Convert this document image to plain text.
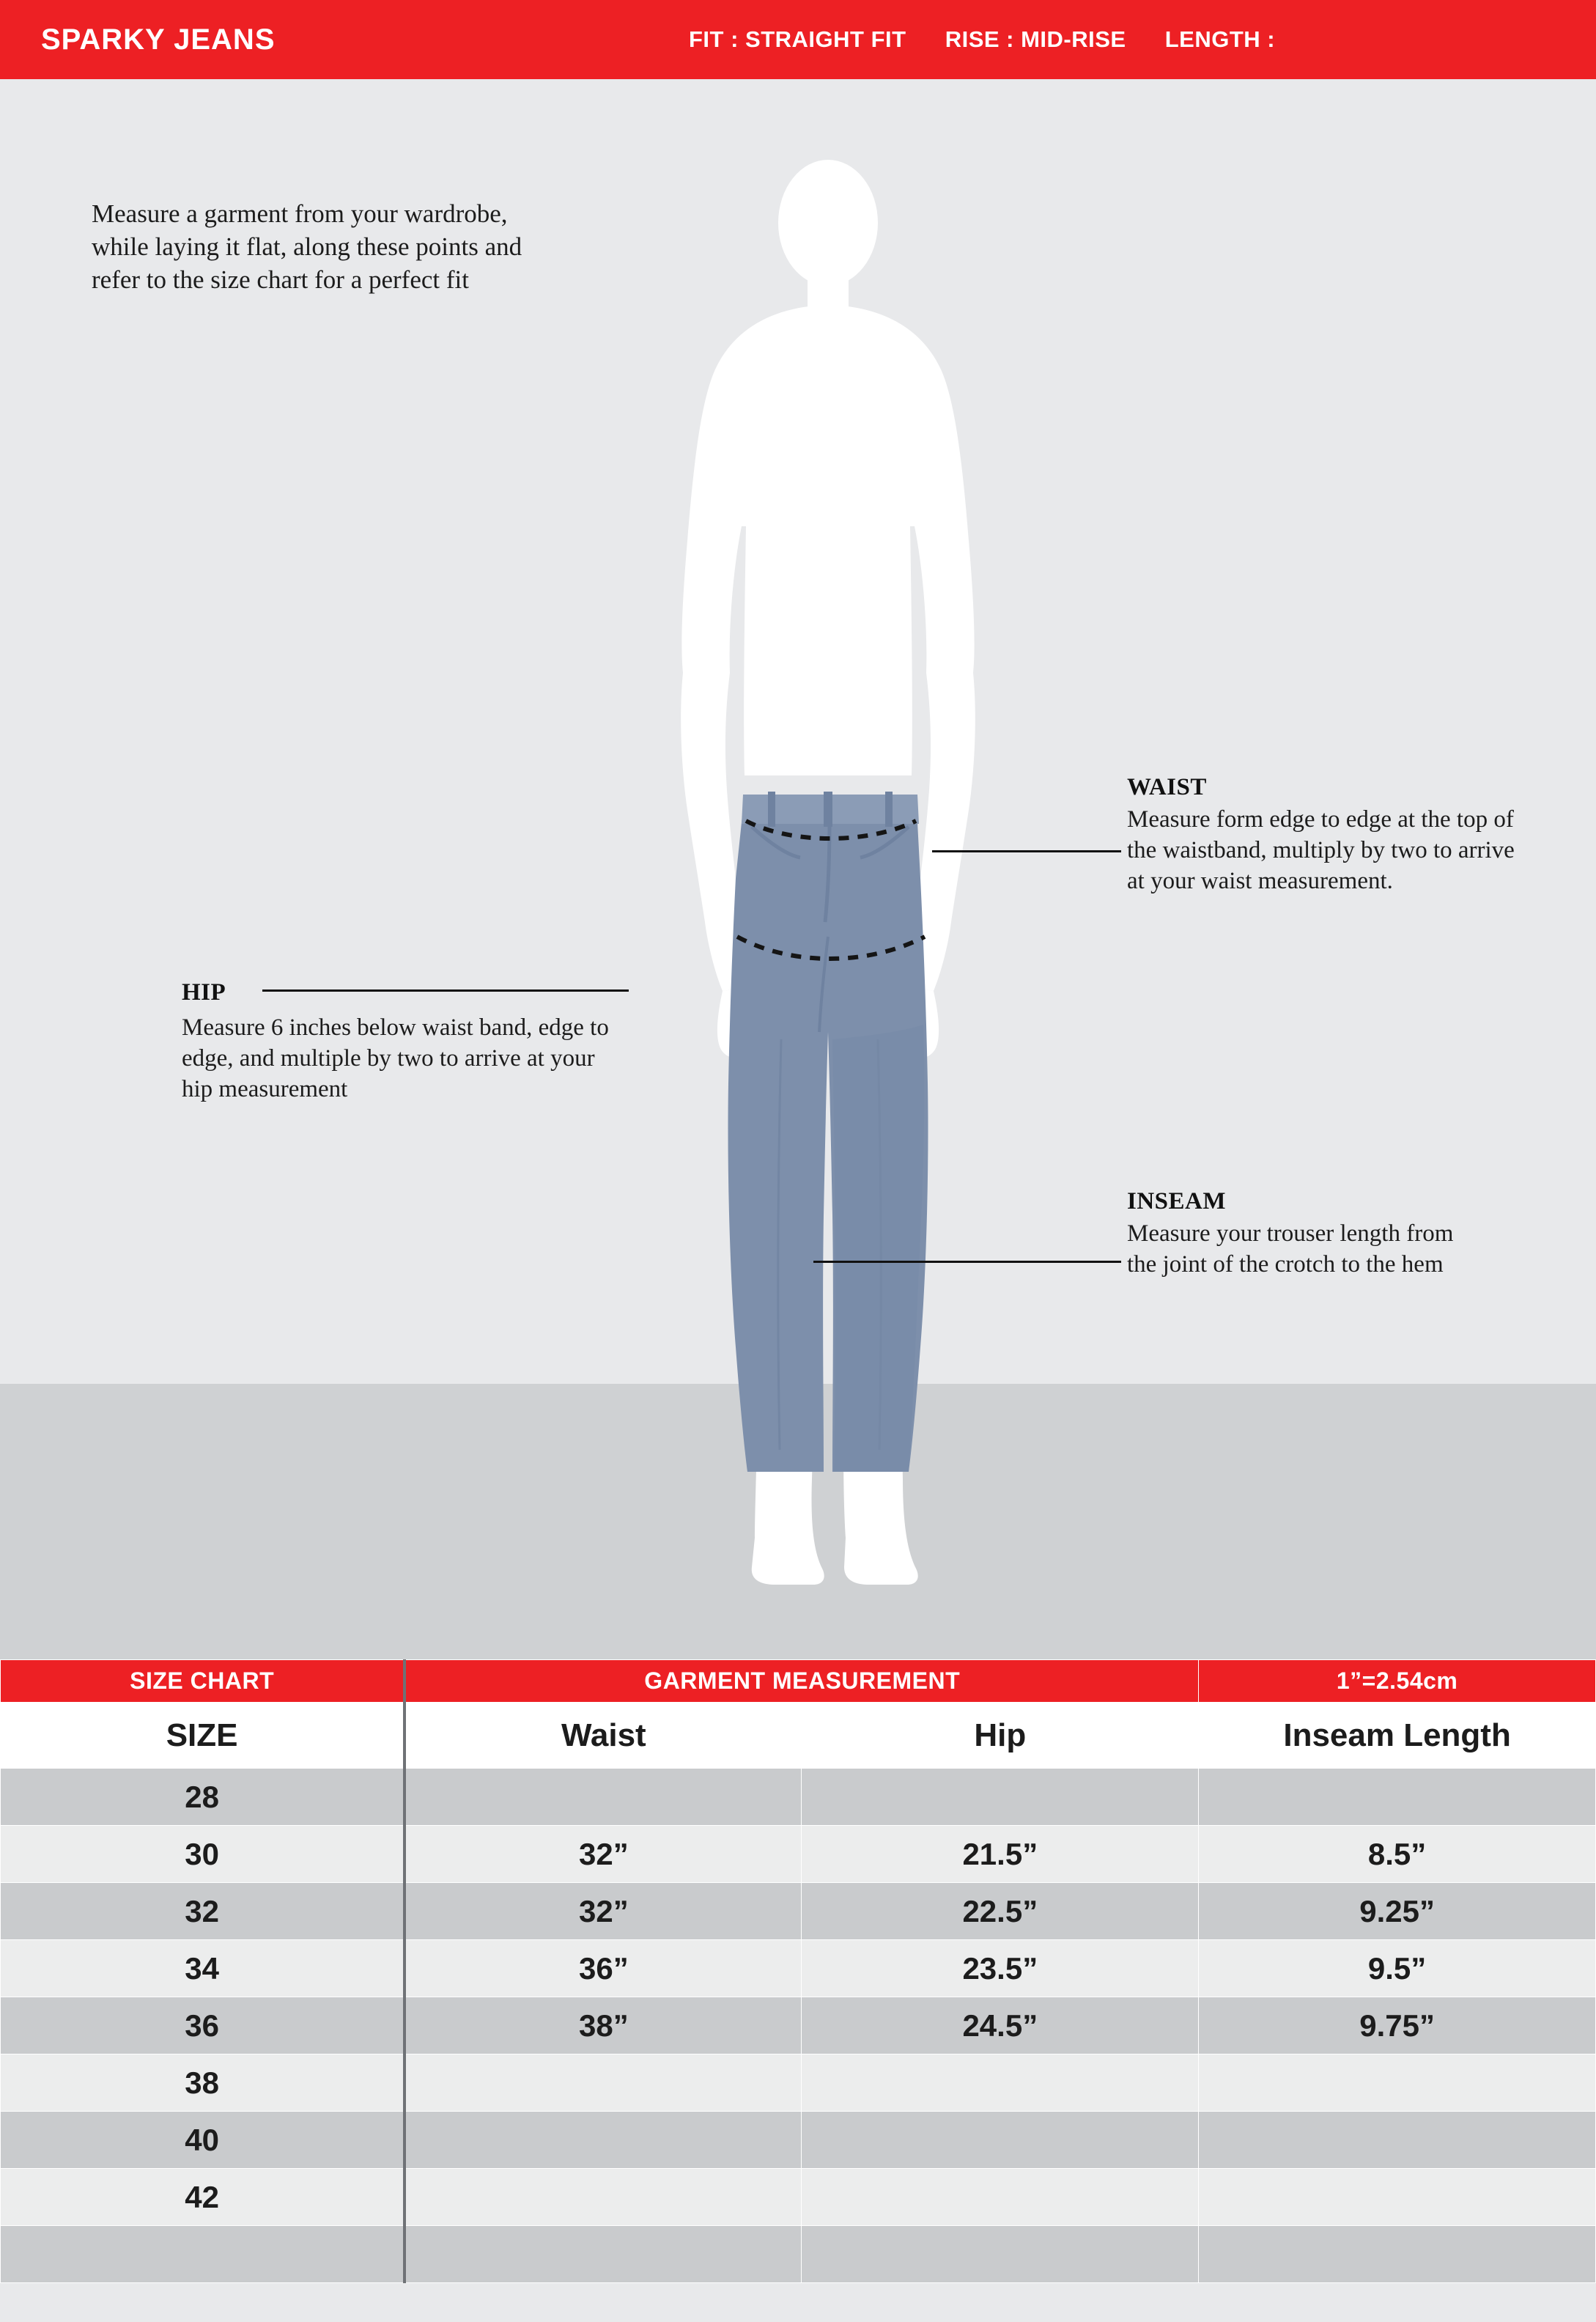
SPARKY JEANS	FIT : STRAIGHT FIT RISE : MID-RISE LENGTH :
Measure a garment from your wardrobe, while laying it flat, along these points and refer to the size chart for a perfect fit
WAIST
Measure form edge to edge at the top of the waistband, multiply by two to arrive at your waist measurement.
INSEAM
Measure your trouser length from the joint of the crotch to the hem
HIP
Measure 6 inches below waist band, edge to edge, and multiple by two to arrive at your hip measurement
SIZE CHART	GARMENT MEASUREMENT		1”=2.54cm
SIZE	Waist	Hip	Inseam Length
28			
30	32”	21.5”	8.5”
32	32”	22.5”	9.25”
34	36”	23.5”	9.5”
36	38”	24.5”	9.75”
38			
40			
42			
